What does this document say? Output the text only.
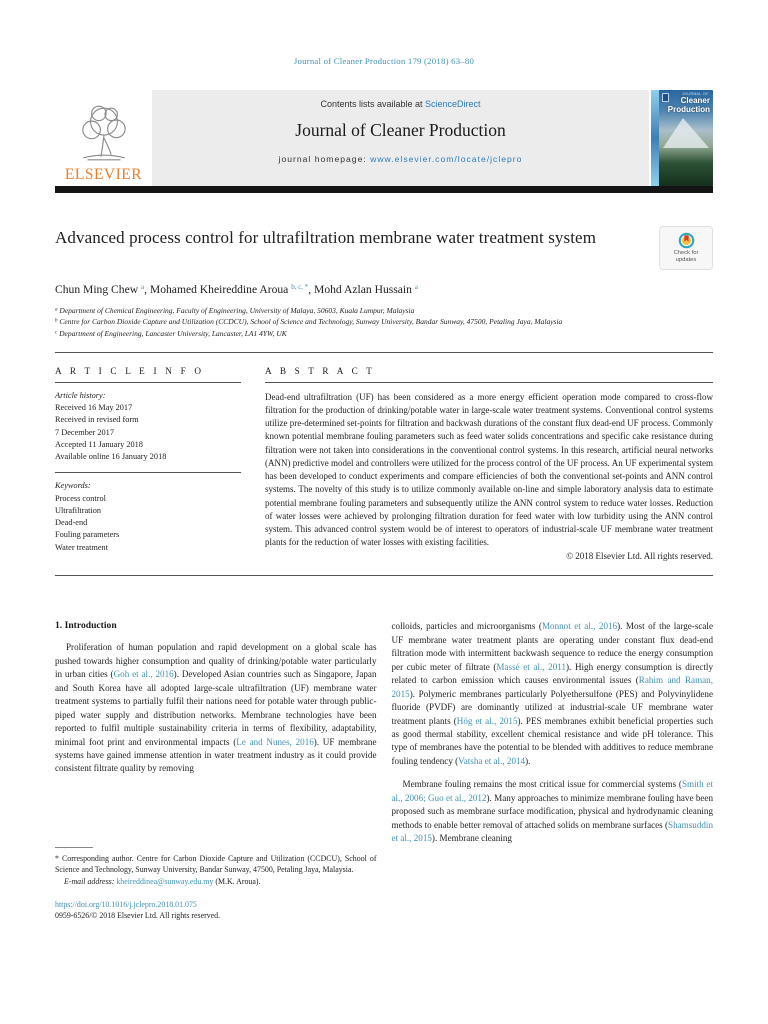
Journal of Cleaner Production 179 (2018) 63–80
ELSEVIER
Contents lists available at ScienceDirect
Journal of Cleaner Production
journal homepage: www.elsevier.com/locate/jclepro
JOURNAL OF
Cleaner
Production
Advanced process control for ultrafiltration membrane water treatment system
Check for
updates
Chun Ming Chew $^a$, Mohamed Kheireddine Aroua $^{b, c, *}$, Mohd Azlan Hussain $^a$
$^a$ Department of Chemical Engineering, Faculty of Engineering, University of Malaya, 50603, Kuala Lumpur, Malaysia
$^b$ Centre for Carbon Dioxide Capture and Utilization (CCDCU), School of Science and Technology, Sunway University, Bandar Sunway, 47500, Petaling Jaya, Malaysia
$^c$ Department of Engineering, Lancaster University, Lancaster, LA1 4YW, UK
A R T I C L E I N F O
Article history:
Received 16 May 2017
Received in revised form
7 December 2017
Accepted 11 January 2018
Available online 16 January 2018
Keywords:
Process control
Ultrafiltration
Dead-end
Fouling parameters
Water treatment
A B S T R A C T
Dead-end ultrafiltration (UF) has been considered as a more energy efficient operation mode compared to cross-flow filtration for the production of drinking/potable water in large-scale water treatment systems. Conventional control systems utilize pre-determined set-points for filtration and backwash durations of the constant flux dead-end UF process. Commonly known potential membrane fouling parameters such as feed water solids concentrations and specific cake resistance during filtration were not taken into considerations in the conventional control systems. In this research, artificial neural networks (ANN) predictive model and controllers were utilized for the process control of the UF process. An UF experimental system has been developed to conduct experiments and compare efficiencies of both the conventional set-points and ANN control systems. The novelty of this study is to utilize commonly available on-line and simple laboratory analysis data to estimate potential membrane fouling parameters and subsequently utilize the ANN control system to reduce water losses. Reduction of water losses were achieved by prolonging filtration duration for feed water with low turbidity using the ANN control system. This advanced control system would be of interest to operators of industrial-scale UF membrane water treatment plants for the reduction of water losses with existing facilities.
© 2018 Elsevier Ltd. All rights reserved.
1. Introduction
Proliferation of human population and rapid development on a global scale has pushed towards higher consumption and quality of drinking/potable water particularly in urban cities (Goh et al., 2016). Developed Asian countries such as Singapore, Japan and South Korea have all adopted large-scale ultrafiltration (UF) membrane water treatment systems to partially fulfil their nations need for potable water through public-piped water supply and distribution networks. Membrane technologies have been reported to fulfil multiple sustainability criteria in terms of flexibility, adaptability, minimal foot print and environmental impacts (Le and Nunes, 2016). UF membrane systems have gained immense attention in water treatment industry as it could provide consistent filtrate quality by removing
* Corresponding author. Centre for Carbon Dioxide Capture and Utilization (CCDCU), School of Science and Technology, Sunway University, Bandar Sunway, 47500, Petaling Jaya, Malaysia.
E-mail address: kheireddinea@sunway.edu.my (M.K. Aroua).
https://doi.org/10.1016/j.jclepro.2018.01.075
0959-6526/© 2018 Elsevier Ltd. All rights reserved.
colloids, particles and microorganisms (Monnot et al., 2016). Most of the large-scale UF membrane water treatment plants are operating under constant flux dead-end filtration mode with intermittent backwash sequence to reduce the energy consumption per cubic meter of filtrate (Massé et al., 2011). High energy consumption is directly related to carbon emission which causes environmental issues (Rahim and Raman, 2015). Polymeric membranes particularly Polyethersulfone (PES) and Polyvinylidene fluoride (PVDF) are dominantly utilized at industrial-scale UF membrane water treatment plants (Hög et al., 2015). PES membranes exhibit beneficial properties such as good thermal stability, excellent chemical resistance and wide pH tolerance. This type of membranes have the potential to be blended with additives to reduce membrane fouling tendency (Vatsha et al., 2014).
Membrane fouling remains the most critical issue for commercial systems (Smith et al., 2006; Guo et al., 2012). Many approaches to minimize membrane fouling have been proposed such as membrane surface modification, physical and hydrodynamic cleaning methods to enable better removal of attached solids on membrane surfaces (Shamsuddin et al., 2015). Membrane cleaning
